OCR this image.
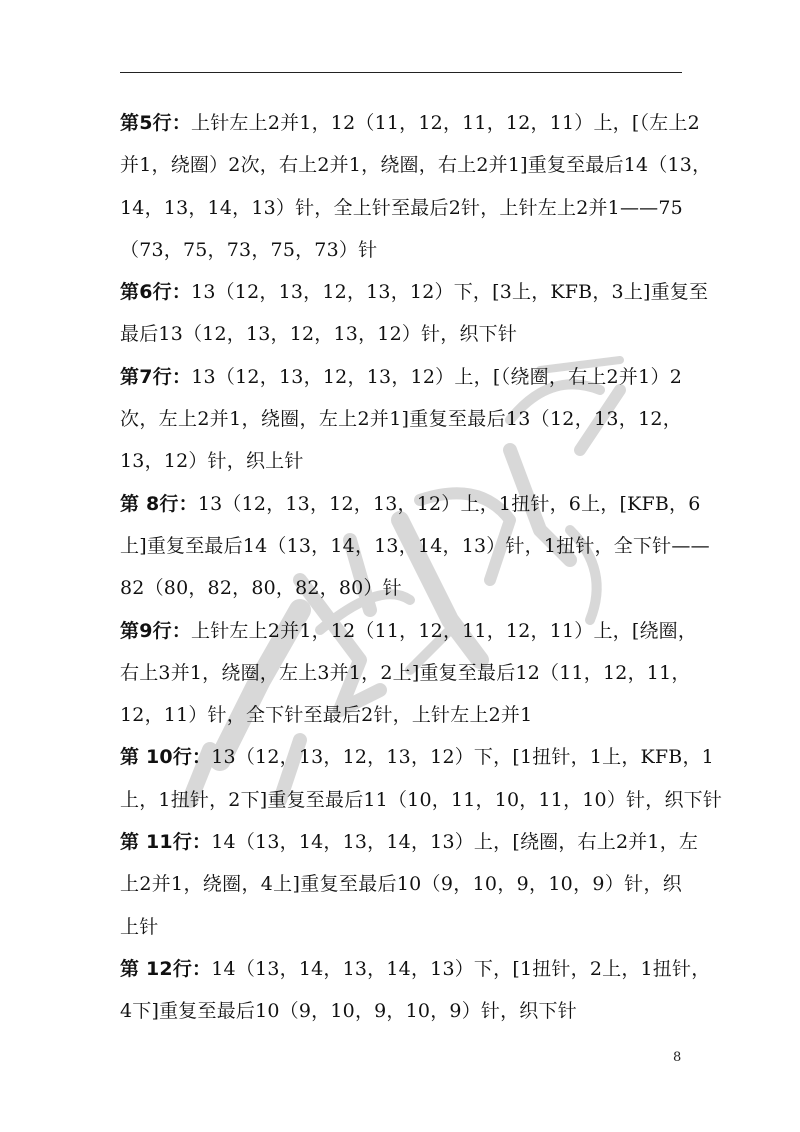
第5行：上针左上2并1，12（11，12，11，12，11）上，[（左上2
并1，绕圈）2次，右上2并1，绕圈，右上2并1]重复至最后14（13，
14，13，14，13）针，全上针至最后2针，上针左上2并1——75
（73，75，73，75，73）针
第6行：13（12，13，12，13，12）下，[3上，KFB，3上]重复至
最后13（12，13，12，13，12）针，织下针
第7行：13（12，13，12，13，12）上，[（绕圈，右上2并1）2
次，左上2并1，绕圈，左上2并1]重复至最后13（12，13，12，
13，12）针，织上针
第 8行：13（12，13，12，13，12）上，1扭针，6上，[KFB，6
上]重复至最后14（13，14，13，14，13）针，1扭针，全下针——
82（80，82，80，82，80）针
第9行：上针左上2并1，12（11，12，11，12，11）上，[绕圈，
右上3并1，绕圈，左上3并1，2上]重复至最后12（11，12，11，
12，11）针，全下针至最后2针，上针左上2并1
第 10行：13（12，13，12，13，12）下，[1扭针，1上，KFB，1
上，1扭针，2下]重复至最后11（10，11，10，11，10）针，织下针
第 11行：14（13，14，13，14，13）上，[绕圈，右上2并1，左
上2并1，绕圈，4上]重复至最后10（9，10，9，10，9）针，织
上针
第 12行：14（13，14，13，14，13）下，[1扭针，2上，1扭针，
4下]重复至最后10（9，10，9，10，9）针，织下针
8
